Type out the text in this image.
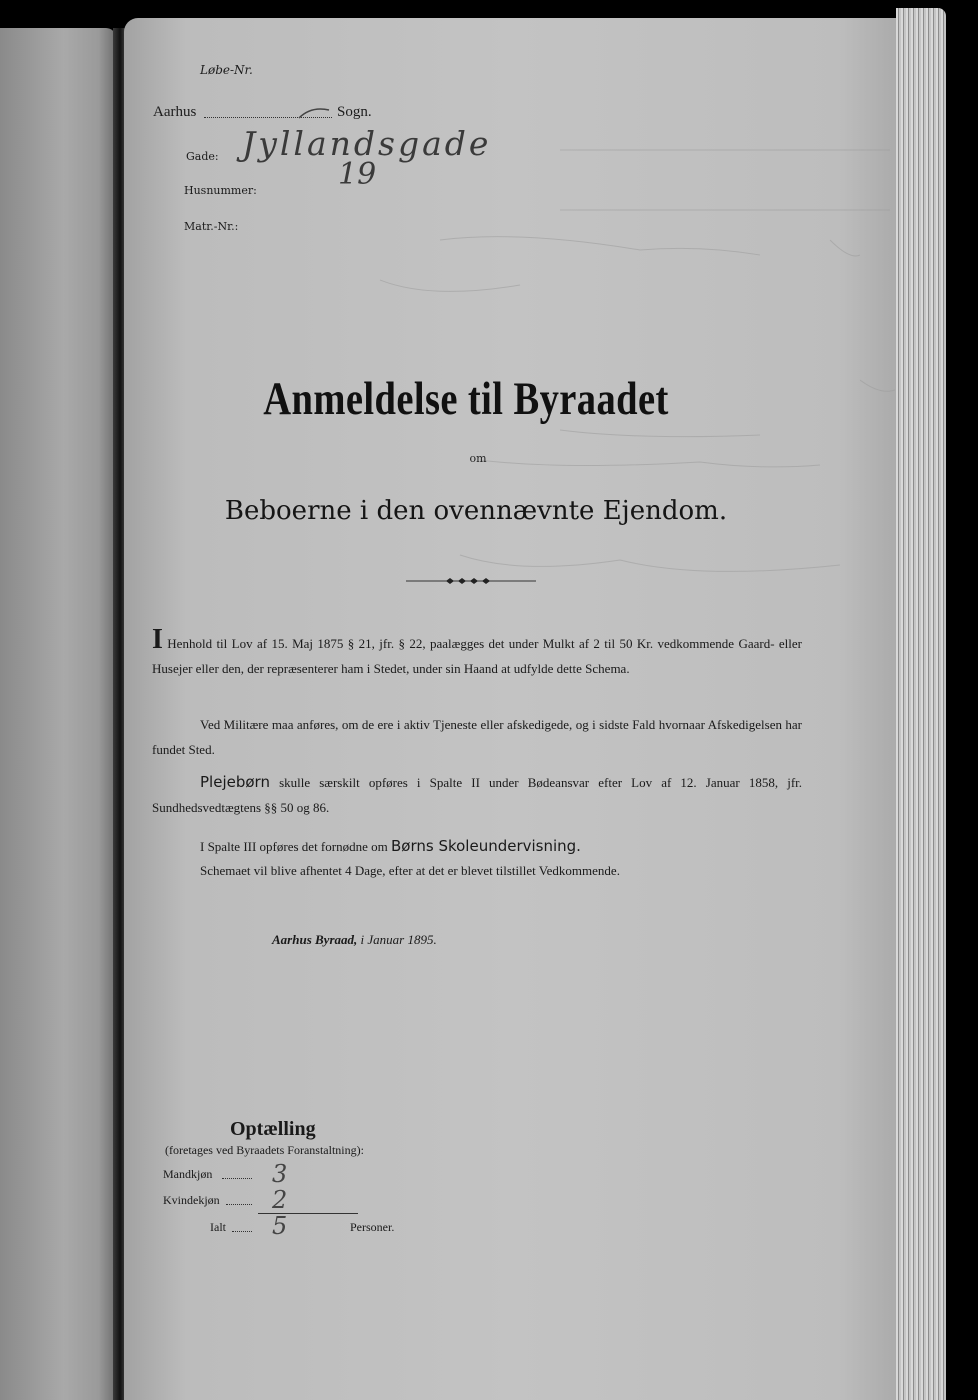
Løbe-Nr.
Aarhus	Sogn.
Gade: Jyllandsgade
Husnummer:	19
Matr.-Nr.:
Anmeldelse til Byraadet
om
Beboerne i den ovennævnte Ejendom.
I Henhold til Lov af 15. Maj 1875 § 21, jfr. § 22, paalægges det under Mulkt af 2 til 50 Kr. vedkommende Gaard- eller Husejer eller den, der repræsenterer ham i Stedet, under sin Haand at udfylde dette Schema.
Ved Militære maa anføres, om de ere i aktiv Tjeneste eller afskedigede, og i sidste Fald hvornaar Afskedigelsen har fundet Sted.
Plejebørn skulle særskilt opføres i Spalte II under Bødeansvar efter Lov af 12. Januar 1858, jfr. Sundhedsvedtægtens §§ 50 og 86.
I Spalte III opføres det fornødne om Børns Skoleundervisning.
Schemaet vil blive afhentet 4 Dage, efter at det er blevet tilstillet Vedkommende.
Aarhus Byraad, i Januar 1895.
Optælling
(foretages ved Byraadets Foranstaltning):
Mandkjøn 3
Kvindekjøn 2
Ialt 5	Personer.
